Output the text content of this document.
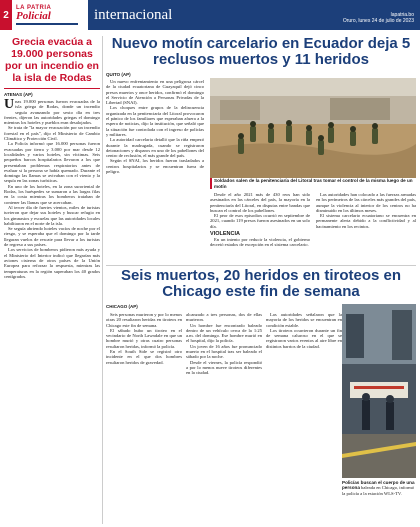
2
LA PATRIA
Policial	internacional	lapatria.bo
Oruro, lunes 24 de julio de 2023
Grecia evacúa a 19.000 personas por un incendio en la isla de Rodas
ATENAS (AP)
U nas 19.000 personas fueron evacuadas de la isla griega de Rodas, donde un incendio seguía avanzando por sexto día en tres frentes, dijeron las autoridades griegas el domingo mientras los hoteles y pueblos eran desalojados.

Se trata de "la mayor evacuación por un incendio forestal en el país", dijo el Ministerio de Cambio Climático y Protección Civil.

La Policía informó que 16.000 personas fueron evacuadas por tierra y 3.000 por mar desde 12 localidades y varios hoteles, sin víctimas. Seis pequeños barcos hospitalarios llevaron a los que presentaban problemas respiratorios antes de evaluar si la persona se había quemado. Durante el domingo las llamas se avivaban con el viento y la sequía en las zonas turísticas.

En uno de los hoteles, en la zona suroriental de Rodas, los huéspedes se sumaron a las largas filas en la costa mientras los bomberos trataban de contener las llamas que se acercaban.

Al tercer día de fuertes vientos, miles de turistas tuvieron que dejar sus hoteles y buscar refugio en los gimnasios y escuelas que las autoridades locales habilitaron en el norte de la isla.

Se seguía abriendo hoteles vacíos de noche por el riesgo, y se esperaba que el domingo por la tarde llegaran vuelos de rescate para llevar a los turistas de regreso a sus países.

Los servicios de bomberos pidieron más ayuda y el Ministerio del Interior indicó que llegarían más aviones cisterna de otros países de la Unión Europea para reforzar la respuesta, mientras las temperaturas en la región superaban los 40 grados centígrados.

Nuevo motín carcelario en Ecuador deja 5 reclusos muertos y 11 heridos
QUITO (AP)

Un nuevo enfrentamiento en una peligrosa cárcel de la ciudad ecuatoriana de Guayaquil dejó cinco presos muertos y once heridos, confirmó el domingo el Servicio de Atención a Personas Privadas de la Libertad (SNAI).

Los choques entre grupos de la delincuencia organizada en la penitenciaría del Litoral provocaron el pánico de los familiares que esperaban afuera a la espera de noticias, dijo la institución, que señaló que la situación fue controlada con el ingreso de policías y militares.

La autoridad carcelaria detalló que la riña empezó durante la madrugada, cuando se registraron detonaciones y disparos en uno de los pabellones del centro de reclusión, el más grande del país.

Según el SNAI, los heridos fueron trasladados a centros hospitalarios y se encuentran fuera de peligro.

Soldados salen de la penitenciaría del Litoral tras tomar el control de la misma luego de un motín

Desde el año 2021 más de 430 reos han sido asesinados en las cárceles del país, la mayoría en la penitenciaría del Litoral, en disputas entre bandas que buscan el control de los pabellones.

El peor de esos episodios ocurrió en septiembre de 2021, cuando 119 presos fueron asesinados en un solo día.

VIOLENCIA

En un intento por reducir la violencia, el gobierno decretó estados de excepción en el sistema carcelario.

Las autoridades han colocado a las fuerzas armadas en los perímetros de las cárceles más grandes del país, aunque la violencia al interior de los centros no ha disminuido en los últimos meses.

El sistema carcelario ecuatoriano se encuentra en permanente alerta debido a la conflictividad y al hacinamiento en los recintos.

Seis muertos, 20 heridos en tiroteos en Chicago este fin de semana
CHICAGO (AP)

Seis personas murieron y por lo menos otras 20 resultaron heridas en tiroteos en Chicago este fin de semana.

El sábado hubo un tiroteo en el vecindario de North Lawndale en que un hombre murió y otras cuatro personas resultaron heridas, informó la policía.

En el South Side se registró otro incidente en el que dos hombres resultaron heridos de gravedad.

alcanzado a tres personas, dos de ellas murieron.

Un hombre fue encontrado baleado dentro de un vehículo cerca de la 1:25 a.m. del domingo. Ese hombre murió en el hospital, dijo la policía.

Un joven de 16 años fue pronunciado muerto en el hospital tras ser baleado el sábado por la noche.

Desde el viernes, la policía respondió a por lo menos nueve tiroteos diferentes en la ciudad.

Las autoridades señalaron que la mayoría de los heridos se encuentran en condición estable.

Los tiroteos ocurrieron durante un fin de semana caluroso en el que se registraron varios eventos al aire libre en distintos barrios de la ciudad.

Policías buscan el cuerpo de una persona baleada en Chicago, informó la policía a la estación WLS-TV.
